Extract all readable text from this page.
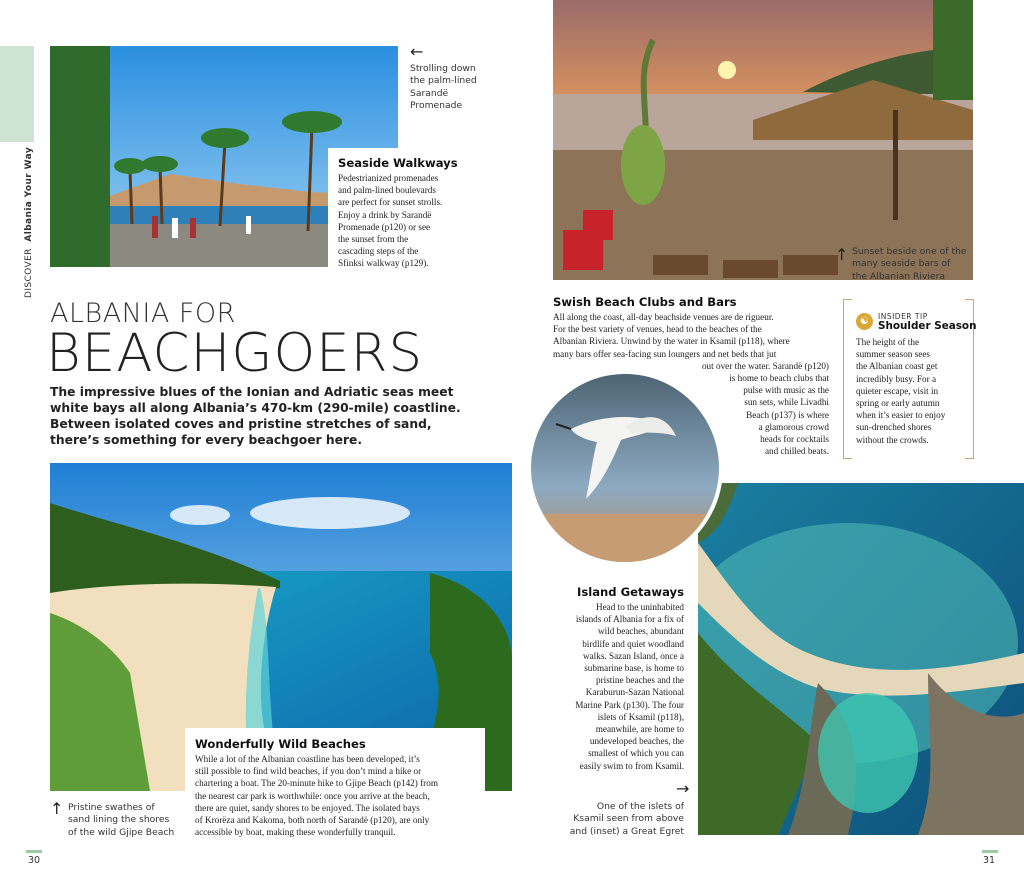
DISCOVER  Albania Your Way	Seaside Walkways
Pedestrianized promenades
and palm-lined boulevards
are perfect for sunset strolls.
Enjoy a drink by Sarandë
Promenade (p120) or see
the sunset from the
cascading steps of the
Sfinksi walkway (p129).
←
Strolling down
the palm-lined
Sarandë
Promenade
ALBANIA FOR
BEACHGOERS
The impressive blues of the Ionian and Adriatic seas meet white bays all along Albania’s 470-km (290-mile) coastline. Between isolated coves and pristine stretches of sand, there’s something for every beachgoer here.
Wonderfully Wild Beaches
While a lot of the Albanian coastline has been developed, it’s
still possible to find wild beaches, if you don’t mind a hike or
chartering a boat. The 20-minute hike to Gjipe Beach (p142) from
the nearest car park is worthwhile: once you arrive at the beach,
there are quiet, sandy shores to be enjoyed. The isolated bays
of Krorëza and Kakoma, both north of Sarandë (p120), are only
accessible by boat, making these wonderfully tranquil.
↑ Pristine swathes of
sand lining the shores
of the wild Gjipe Beach
30
↑ Sunset beside one of the
many seaside bars of
the Albanian Riviera
Swish Beach Clubs and Bars
All along the coast, all-day beachside venues are de rigueur.
For the best variety of venues, head to the beaches of the
Albanian Riviera. Unwind by the water in Ksamil (p118), where
many bars offer sea-facing sun loungers and net beds that jut
out over the water. Sarandë (p120)
is home to beach clubs that
pulse with music as the
sun sets, while Livadhi
Beach (p137) is where
a glamorous crowd
heads for cocktails
and chilled beats.
☯	INSIDER TIP
Shoulder Season
The height of the
summer season sees
the Albanian coast get
incredibly busy. For a
quieter escape, visit in
spring or early autumn
when it’s easier to enjoy
sun-drenched shores
without the crowds.
Island Getaways
Head to the uninhabited
islands of Albania for a fix of
wild beaches, abundant
birdlife and quiet woodland
walks. Sazan Island, once a
submarine base, is home to
pristine beaches and the
Karaburun-Sazan National
Marine Park (p130). The four
islets of Ksamil (p118),
meanwhile, are home to
undeveloped beaches, the
smallest of which you can
easily swim to from Ksamil.
One of the islets of
Ksamil seen from above
and (inset) a Great Egret
→
31
